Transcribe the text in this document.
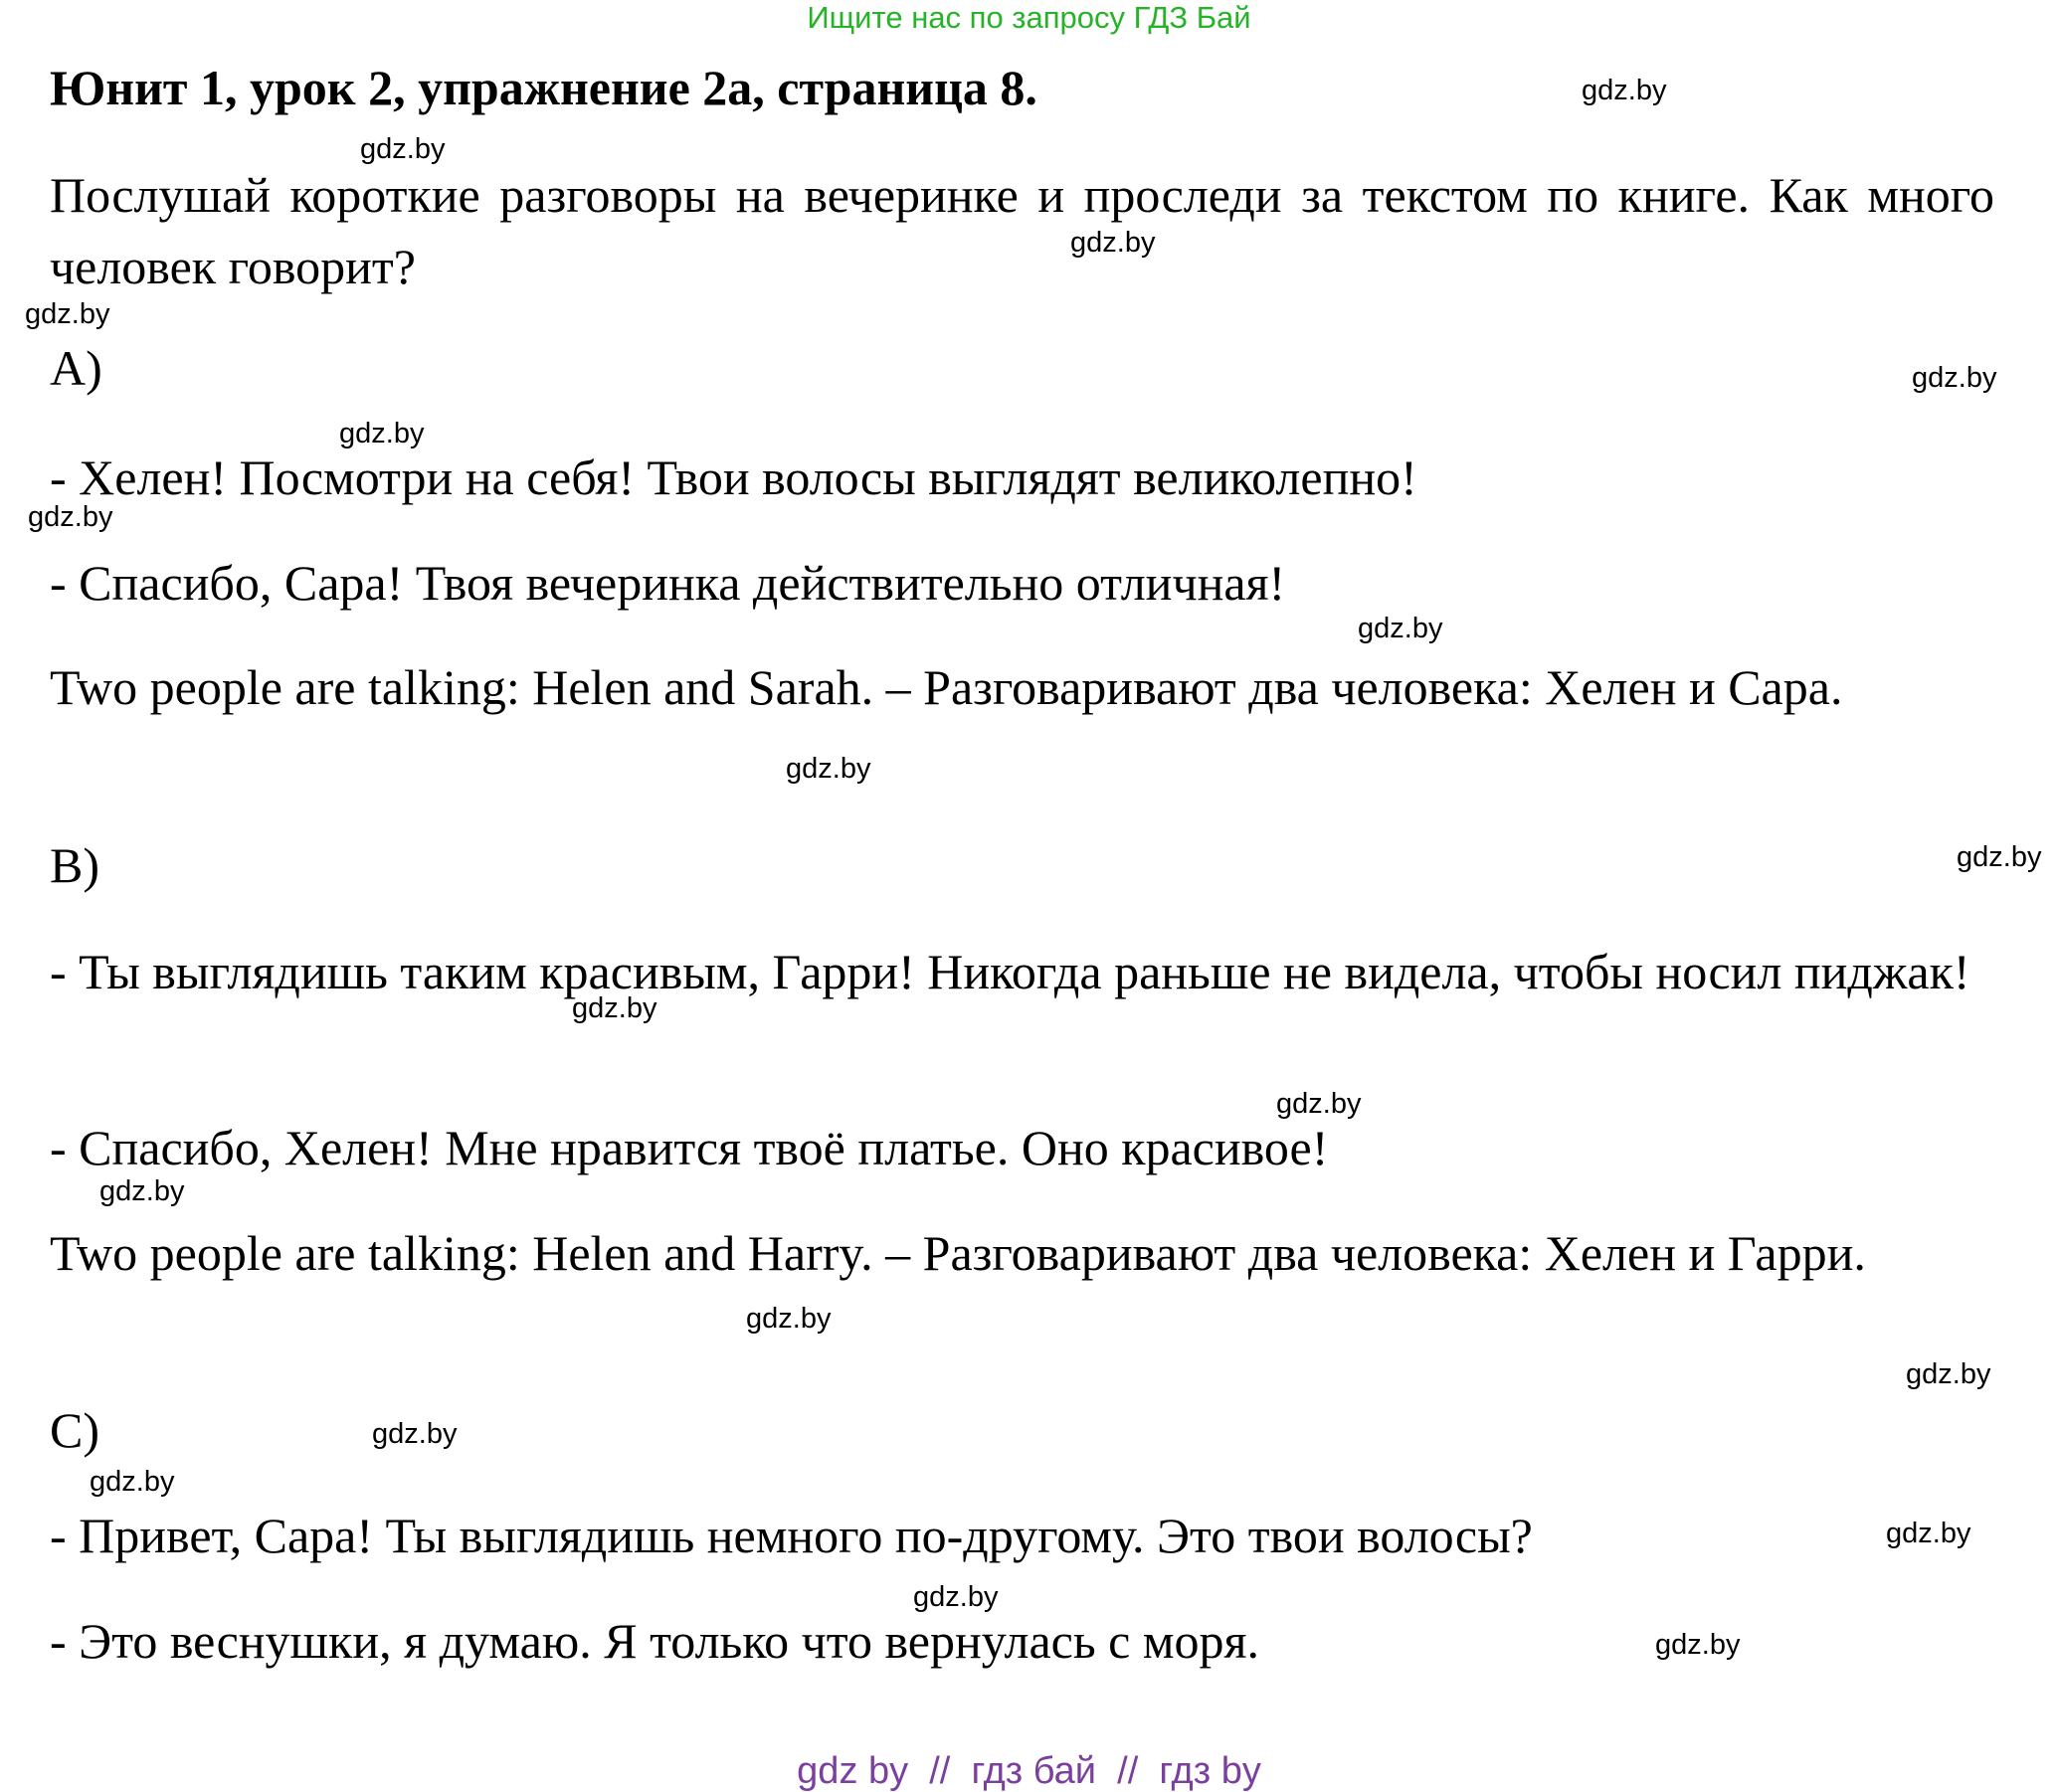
Ищите нас по запросу ГДЗ Бай
Юнит 1, урок 2, упражнение 2а, страница 8.
Послушай короткие разговоры на вечеринке и проследи за текстом по книге. Как много человек говорит?
A)
- Хелен! Посмотри на себя! Твои волосы выглядят великолепно!
- Спасибо, Сара! Твоя вечеринка действительно отличная!
Two people are talking: Helen and Sarah. – Разговаривают два человека: Хелен и Сара.
B)
- Ты выглядишь таким красивым, Гарри! Никогда раньше не видела, чтобы носил пиджак!
- Спасибо, Хелен! Мне нравится твоё платье. Оно красивое!
Two people are talking: Helen and Harry. – Разговаривают два человека: Хелен и Гарри.
C)
- Привет, Сара! Ты выглядишь немного по-другому. Это твои волосы?
- Это веснушки, я думаю. Я только что вернулась с моря.
gdz.by
gdz.by
gdz.by
gdz.by
gdz.by
gdz.by
gdz.by
gdz.by
gdz.by
gdz.by
gdz.by
gdz.by
gdz.by
gdz.by
gdz.by
gdz.by
gdz.by
gdz.by
gdz.by
gdz.by
gdz by  //  гдз бай  //  гдз by
